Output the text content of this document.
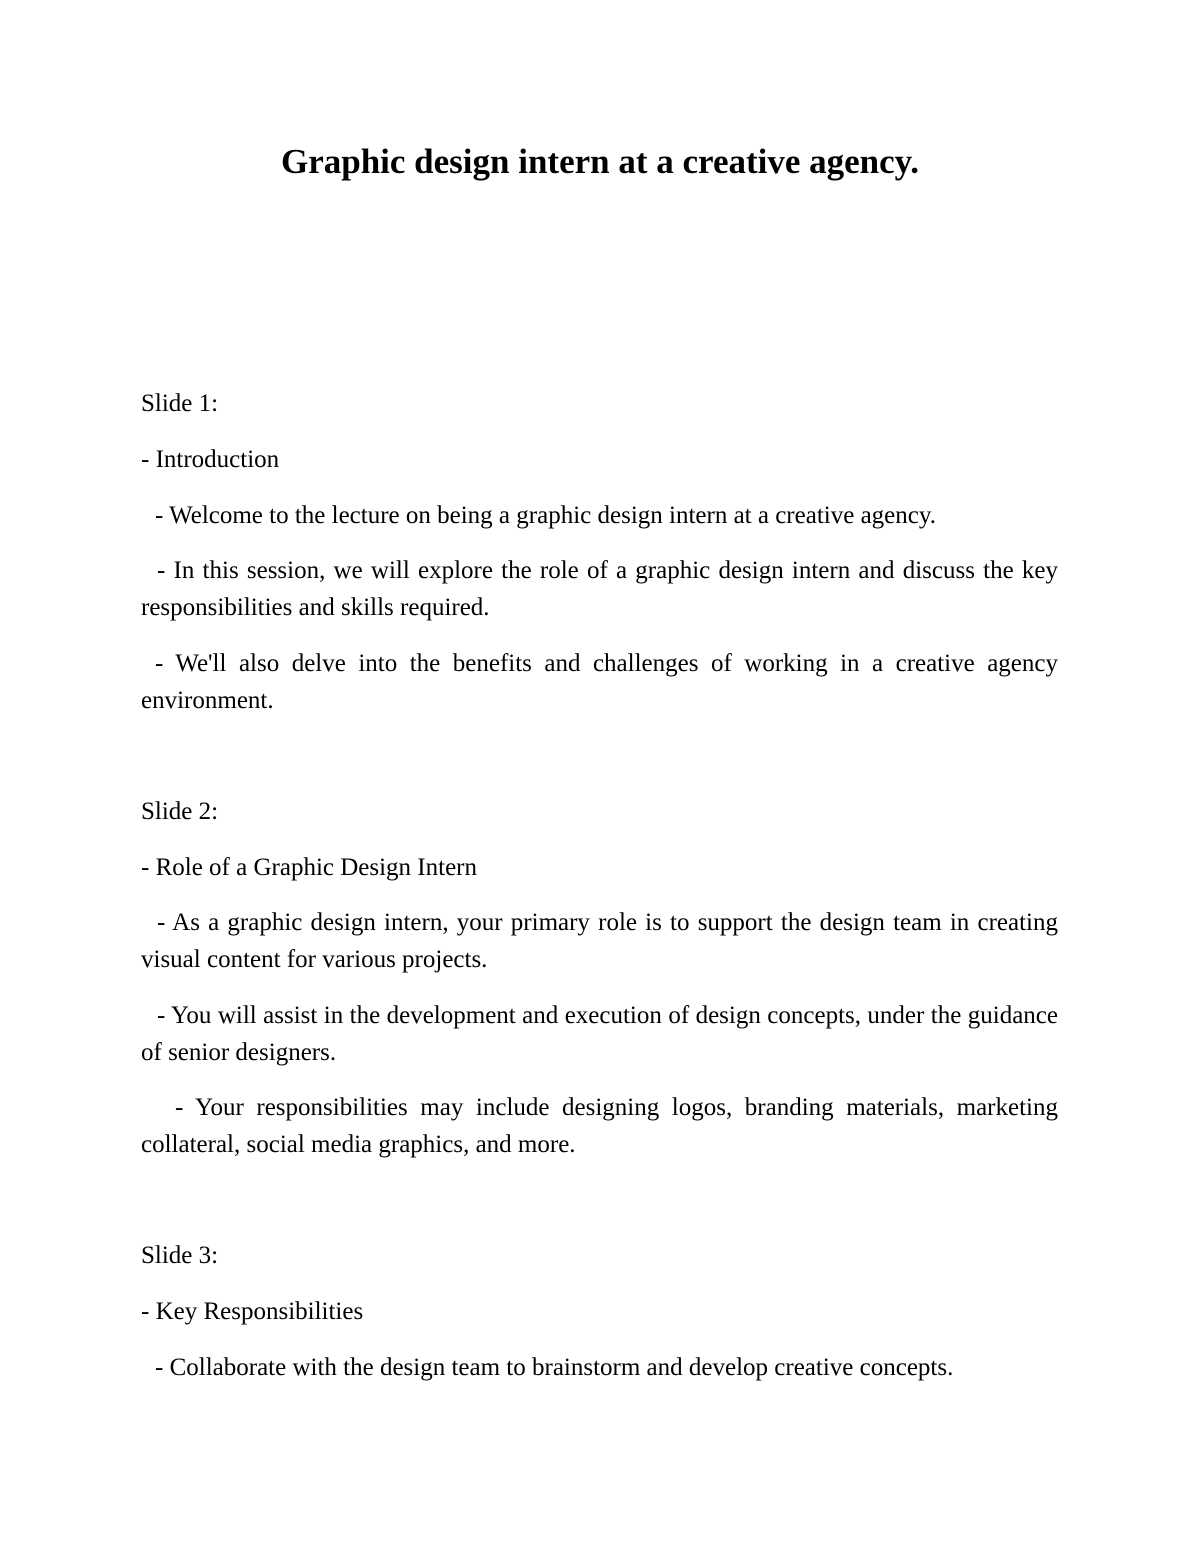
Graphic design intern at a creative agency.

Slide 1:

- Introduction

- Welcome to the lecture on being a graphic design intern at a creative agency.

- In this session, we will explore the role of a graphic design intern and discuss the key responsibilities and skills required.

- We'll also delve into the benefits and challenges of working in a creative agency environment.

Slide 2:

- Role of a Graphic Design Intern

- As a graphic design intern, your primary role is to support the design team in creating visual content for various projects.

- You will assist in the development and execution of design concepts, under the guidance of senior designers.

- Your responsibilities may include designing logos, branding materials, marketing collateral, social media graphics, and more.

Slide 3:

- Key Responsibilities

- Collaborate with the design team to brainstorm and develop creative concepts.
